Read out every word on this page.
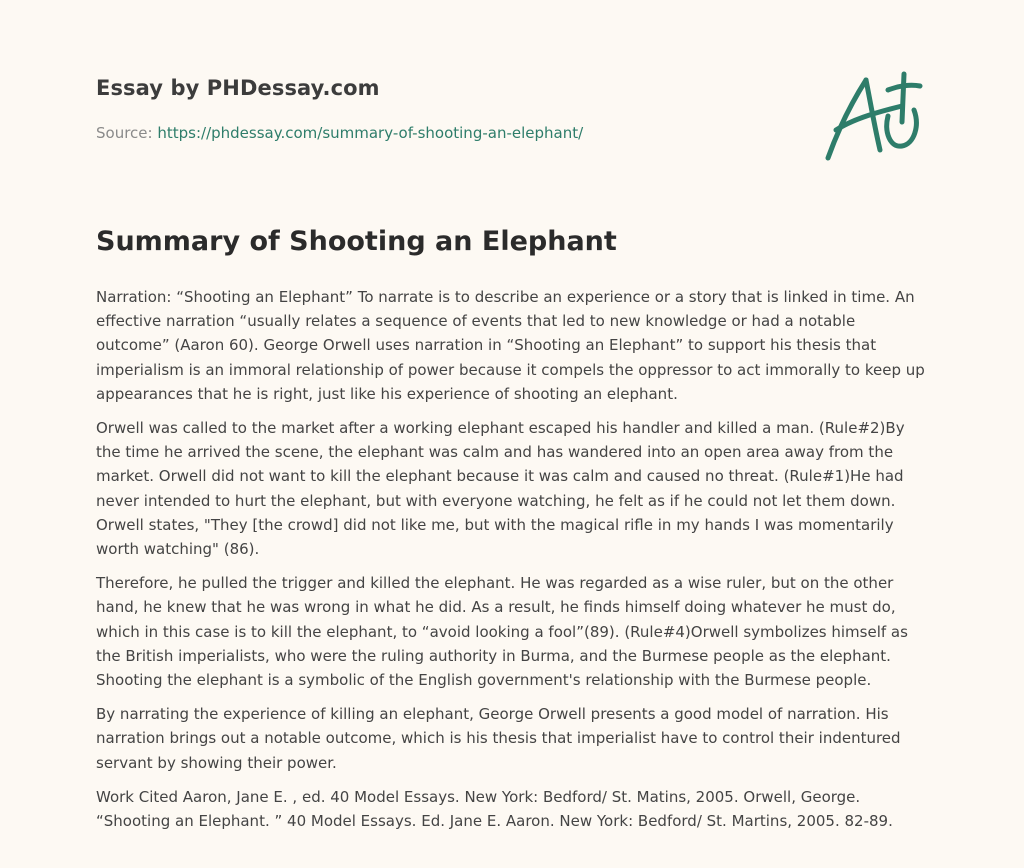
Essay by PHDessay.com
Source: https://phdessay.com/summary-of-shooting-an-elephant/
Summary of Shooting an Elephant

Narration: “Shooting an Elephant” To narrate is to describe an experience or a story that is linked in time. An effective narration “usually relates a sequence of events that led to new knowledge or had a notable outcome” (Aaron 60). George Orwell uses narration in “Shooting an Elephant” to support his thesis that imperialism is an immoral relationship of power because it compels the oppressor to act immorally to keep up appearances that he is right, just like his experience of shooting an elephant.

Orwell was called to the market after a working elephant escaped his handler and killed a man. (Rule#2)By the time he arrived the scene, the elephant was calm and has wandered into an open area away from the market. Orwell did not want to kill the elephant because it was calm and caused no threat. (Rule#1)He had never intended to hurt the elephant, but with everyone watching, he felt as if he could not let them down. Orwell states, "They [the crowd] did not like me, but with the magical rifle in my hands I was momentarily worth watching" (86).

Therefore, he pulled the trigger and killed the elephant. He was regarded as a wise ruler, but on the other hand, he knew that he was wrong in what he did. As a result, he finds himself doing whatever he must do, which in this case is to kill the elephant, to “avoid looking a fool”(89). (Rule#4)Orwell symbolizes himself as the British imperialists, who were the ruling authority in Burma, and the Burmese people as the elephant. Shooting the elephant is a symbolic of the English government's relationship with the Burmese people.

By narrating the experience of killing an elephant, George Orwell presents a good model of narration. His narration brings out a notable outcome, which is his thesis that imperialist have to control their indentured servant by showing their power.

Work Cited Aaron, Jane E. , ed. 40 Model Essays. New York: Bedford/ St. Matins, 2005. Orwell, George. “Shooting an Elephant. ” 40 Model Essays. Ed. Jane E. Aaron. New York: Bedford/ St. Martins, 2005. 82-89.
